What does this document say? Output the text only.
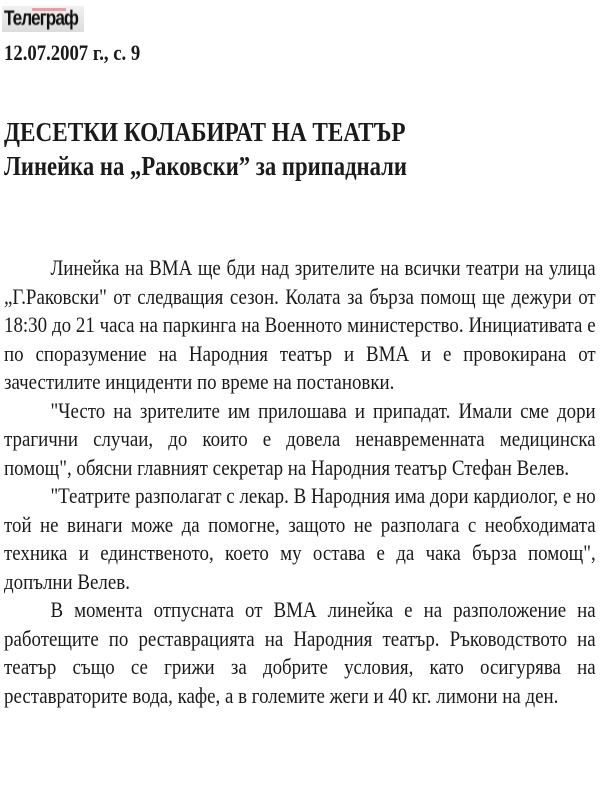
Телеграф
12.07.2007 г., с. 9
ДЕСЕТКИ КОЛАБИРАТ НА ТЕАТЪР
Линейка на „Раковски” за припаднали

Линейка на ВМА ще бди над зрителите на всички театри на улица „Г.Раковски" от следващия сезон. Колата за бърза помощ ще дежури от 18:30 до 21 часа на паркинга на Военното министерство. Инициативата е по споразумение на Народния театър и ВМА и е провокирана от зачестилите инциденти по време на постановки.

"Често на зрителите им прилошава и припадат. Имали сме дори трагични случаи, до които е довела ненавременната медицинска помощ", обясни главният секретар на Народния театър Стефан Велев.

"Театрите разполагат с лекар. В Народния има дори кардиолог, е но той не винаги може да помогне, защото не разполага с необходимата техника и единственото, което му остава е да чака бърза помощ", допълни Велев.

В момента отпусната от ВМА линейка е на разположение на работещите по реставрацията на Народния театър. Ръководството на театър също се грижи за добрите условия, като осигурява на реставраторите вода, кафе, а в големите жеги и 40 кг. лимони на ден.
